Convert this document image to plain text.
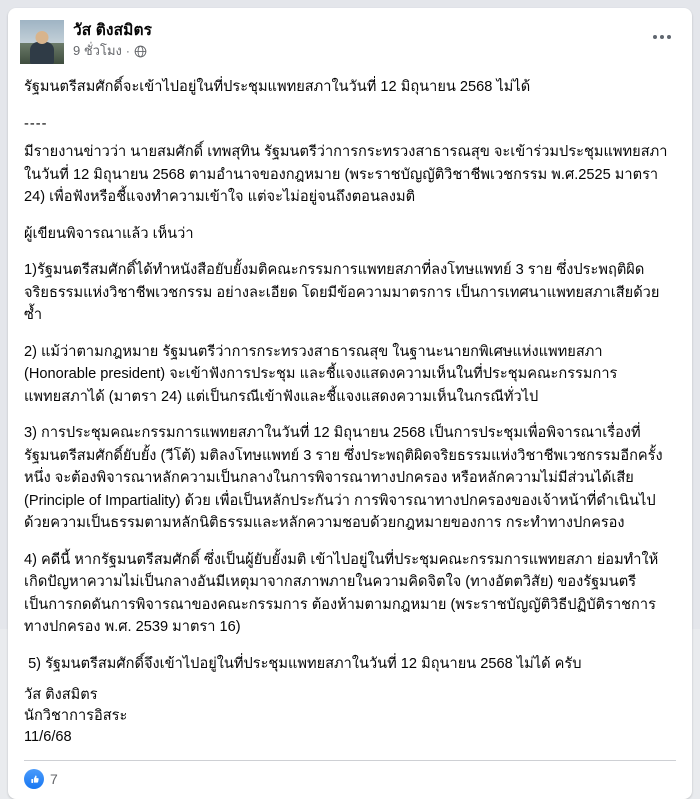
วัส ติงสมิตร
9 ชั่วโมง ·

รัฐมนตรีสมศักดิ์จะเข้าไปอยู่ในที่ประชุมแพทยสภาในวันที่ 12 มิถุนายน 2568 ไม่ได้

----

มีรายงานข่าวว่า นายสมศักดิ์ เทพสุทิน รัฐมนตรีว่าการกระทรวงสาธารณสุข จะเข้าร่วมประชุมแพทยสภาในวันที่ 12 มิถุนายน 2568 ตามอำนาจของกฎหมาย (พระราชบัญญัติวิชาชีพเวชกรรม พ.ศ.2525 มาตรา 24) เพื่อฟังหรือชี้แจงทำความเข้าใจ แต่จะไม่อยู่จนถึงตอนลงมติ

ผู้เขียนพิจารณาแล้ว เห็นว่า

1)รัฐมนตรีสมศักดิ์ได้ทำหนังสือยับยั้งมติคณะกรรมการแพทยสภาที่ลงโทษแพทย์ 3 ราย ซึ่งประพฤติผิดจริยธรรมแห่งวิชาชีพเวชกรรม อย่างละเอียด โดยมีข้อความมาตรการ เป็นการเทศนาแพทยสภาเสียด้วยซ้ำ

2) แม้ว่าตามกฎหมาย รัฐมนตรีว่าการกระทรวงสาธารณสุข ในฐานะนายกพิเศษแห่งแพทยสภา (Honorable president) จะเข้าฟังการประชุม และชี้แจงแสดงความเห็นในที่ประชุมคณะกรรมการแพทยสภาได้ (มาตรา 24) แต่เป็นกรณีเข้าฟังและชี้แจงแสดงความเห็นในกรณีทั่วไป

3) การประชุมคณะกรรมการแพทยสภาในวันที่ 12 มิถุนายน 2568 เป็นการประชุมเพื่อพิจารณาเรื่องที่รัฐมนตรีสมศักดิ์ยับยั้ง (วีโต้) มติลงโทษแพทย์ 3 ราย ซึ่งประพฤติผิดจริยธรรมแห่งวิชาชีพเวชกรรมอีกครั้งหนึ่ง จะต้องพิจารณาหลักความเป็นกลางในการพิจารณาทางปกครอง หรือหลักความไม่มีส่วนได้เสีย (Principle of Impartiality) ด้วย เพื่อเป็นหลักประกันว่า การพิจารณาทางปกครองของเจ้าหน้าที่ดำเนินไปด้วยความเป็นธรรมตามหลักนิติธรรมและหลักความชอบด้วยกฎหมายของการ กระทำทางปกครอง

4) คดีนี้ หากรัฐมนตรีสมศักดิ์ ซึ่งเป็นผู้ยับยั้งมติ เข้าไปอยู่ในที่ประชุมคณะกรรมการแพทยสภา ย่อมทำให้เกิดปัญหาความไม่เป็นกลางอันมีเหตุมาจากสภาพภายในความคิดจิตใจ (ทางอัตตวิสัย) ของรัฐมนตรี เป็นการกดดันการพิจารณาของคณะกรรมการ ต้องห้ามตามกฎหมาย (พระราชบัญญัติวิธีปฏิบัติราชการทางปกครอง พ.ศ. 2539 มาตรา 16)

5) รัฐมนตรีสมศักดิ์จึงเข้าไปอยู่ในที่ประชุมแพทยสภาในวันที่ 12 มิถุนายน 2568 ไม่ได้ ครับ

วัส ติงสมิตร

นักวิชาการอิสระ

11/6/68

7
